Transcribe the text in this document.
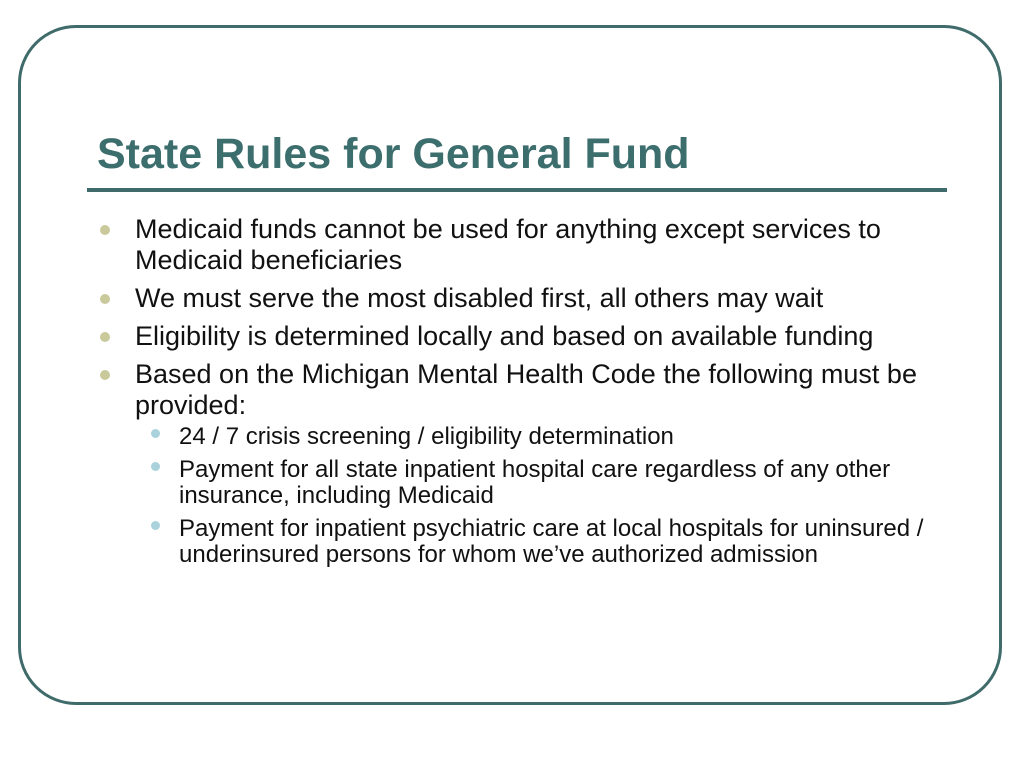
State Rules for General Fund
Medicaid funds cannot be used for anything except services to Medicaid beneficiaries
We must serve the most disabled first, all others may wait
Eligibility is determined locally and based on available funding
Based on the Michigan Mental Health Code the following must be provided:
24 / 7 crisis screening / eligibility determination
Payment for all state inpatient hospital care regardless of any other insurance, including Medicaid
Payment for inpatient psychiatric care at local hospitals for uninsured / underinsured persons for whom we’ve authorized admission
